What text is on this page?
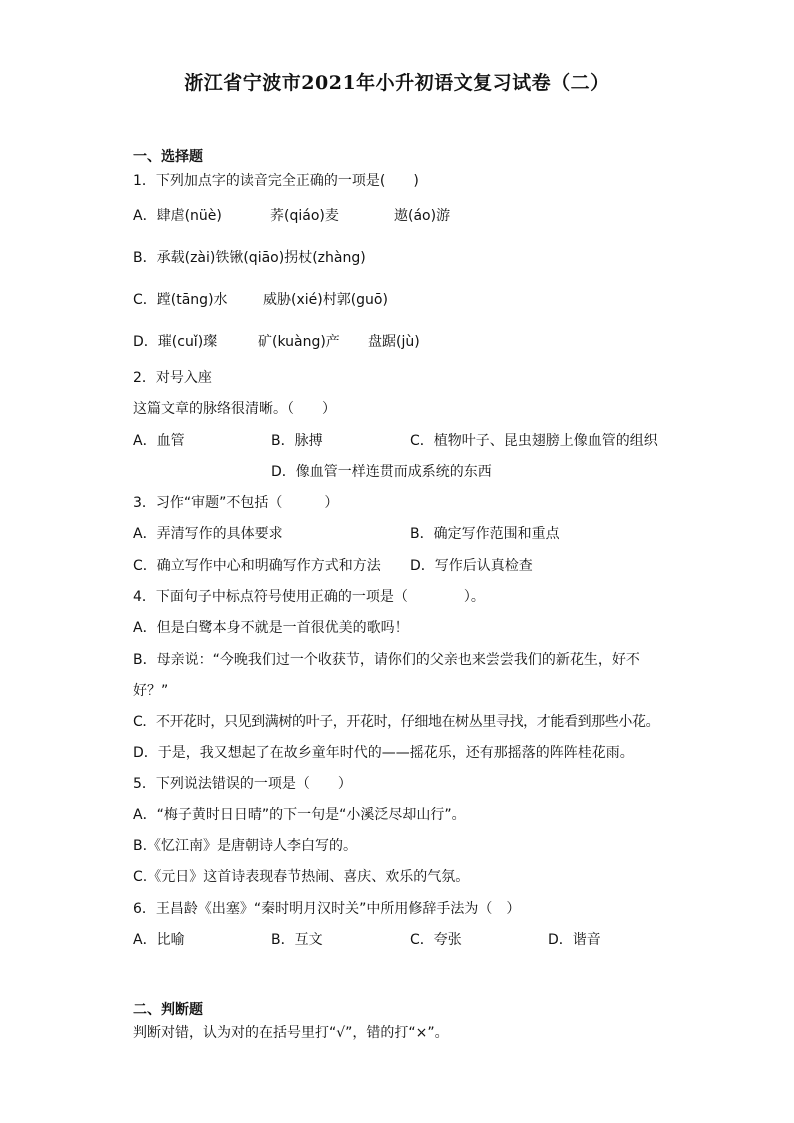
浙江省宁波市2021年小升初语文复习试卷（二）
一、选择题
1．下列加点字的读音完全正确的一项是(　　)
A．肆虐(nüè)	荞(qiáo)麦	遨(áo)游
B．承载(zài)铁锹(qiāo)拐杖(zhàng)
C．蹚(tāng)水	威胁(xié)村郭(guō)
D．璀(cuǐ)璨	矿(kuàng)产 盘踞(jù)
2．对号入座
这篇文章的脉络很清晰。（　　）
A．血管	B．脉搏	C．植物叶子、昆虫翅膀上像血管的组织
D．像血管一样连贯而成系统的东西
3．习作“审题”不包括（　　　）
A．弄清写作的具体要求	B．确定写作范围和重点
C．确立写作中心和明确写作方式和方法 D．写作后认真检查
4．下面句子中标点符号使用正确的一项是（　　　　）。
A．但是白鹭本身不就是一首很优美的歌吗！
B．母亲说：“今晚我们过一个收获节，请你们的父亲也来尝尝我们的新花生，好不
好？”
C．不开花时，只见到满树的叶子，开花时，仔细地在树丛里寻找，才能看到那些小花。
D．于是，我又想起了在故乡童年时代的——摇花乐，还有那摇落的阵阵桂花雨。
5．下列说法错误的一项是（　　）
A．“梅子黄时日日晴”的下一句是“小溪泛尽却山行”。
B.《忆江南》是唐朝诗人李白写的。
C.《元日》这首诗表现春节热闹、喜庆、欢乐的气氛。
6．王昌龄《出塞》“秦时明月汉时关”中所用修辞手法为（　）
A．比喻	B．互文	C．夸张	D．谐音
二、判断题
判断对错，认为对的在括号里打“√”，错的打“×”。
